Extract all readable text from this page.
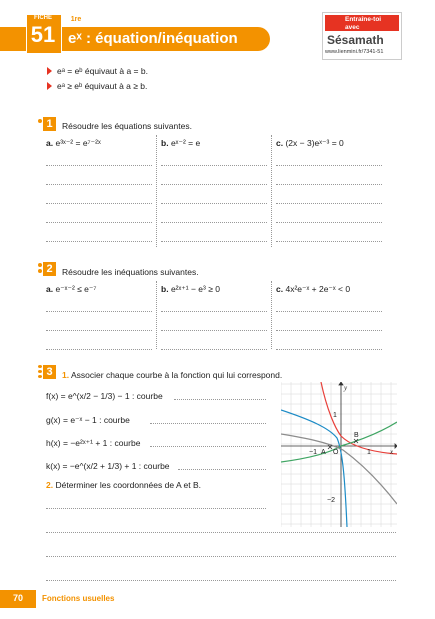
FICHE
51
1re
eˣ : équation/inéquation
Entraîne-toi
avec
Sésamath
www.lienmini.fr/7341-51
eᵃ = eᵇ équivaut à a = b.
eᵃ ≥ eᵇ équivaut à a ≥ b.
1	Résoudre les équations suivantes.
a. e³ˣ⁻² = e⁷⁻²ˣ	b. eˣ⁻² = e	c. (2x − 3)eˣ⁻³ = 0
2	Résoudre les inéquations suivantes.
a. e⁻ˣ⁻² ≤ e⁻⁷	b. e²ˣ⁺¹ − e³ ≥ 0	c. 4x²e⁻ˣ + 2e⁻ˣ < 0
3	1. Associer chaque courbe à la fonction qui lui correspond.
f(x) = e^(x/2 − 1/3) − 1 : courbe
g(x) = e⁻ˣ − 1 : courbe
h(x) = −e²ˣ⁺¹ + 1 : courbe
k(x) = −e^(x/2 + 1/3) + 1 : courbe
2. Déterminer les coordonnées de A et B.
y
x
1
−2
−1	1
O
A
B
70	Fonctions usuelles
